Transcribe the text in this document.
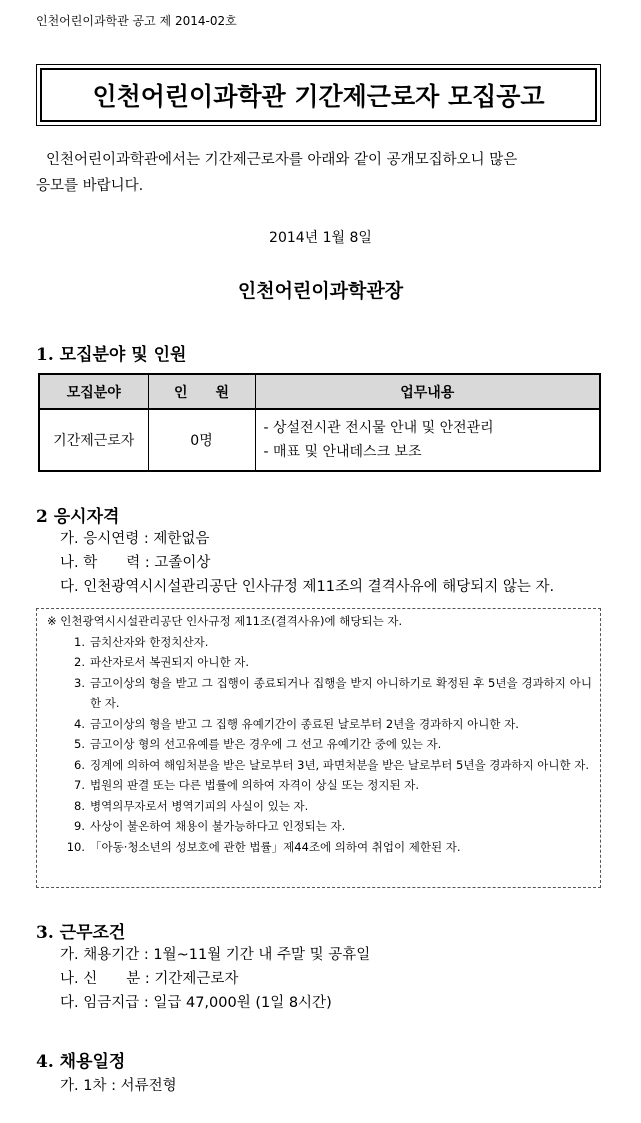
인천어린이과학관 공고 제 2014-02호
인천어린이과학관 기간제근로자 모집공고
인천어린이과학관에서는 기간제근로자를 아래와 같이 공개모집하오니 많은
응모를 바랍니다.
2014년 1월 8일
인천어린이과학관장
1. 모집분야 및 인원
모집분야	인　　원	업무내용
기간제근로자	0명	- 상설전시관 전시물 안내 및 안전관리
- 매표 및 안내데스크 보조
2 응시자격
가. 응시연령 : 제한없음
나. 학　　력 : 고졸이상
다. 인천광역시시설관리공단 인사규정 제11조의 결격사유에 해당되지 않는 자.
※ 인천광역시시설관리공단 인사규정 제11조(결격사유)에 해당되는 자.
1. 금치산자와 한정치산자.
2. 파산자로서 복권되지 아니한 자.
3. 금고이상의 형을 받고 그 집행이 종료되거나 집행을 받지 아니하기로 확정된 후 5년을 경과하지 아니한 자.
4. 금고이상의 형을 받고 그 집행 유예기간이 종료된 날로부터 2년을 경과하지 아니한 자.
5. 금고이상 형의 선고유예를 받은 경우에 그 선고 유예기간 중에 있는 자.
6. 징계에 의하여 해임처분을 받은 날로부터 3년, 파면처분을 받은 날로부터 5년을 경과하지 아니한 자.
7. 법원의 판결 또는 다른 법률에 의하여 자격이 상실 또는 정지된 자.
8. 병역의무자로서 병역기피의 사실이 있는 자.
9. 사상이 불온하여 채용이 불가능하다고 인정되는 자.
10. 「아동·청소년의 성보호에 관한 법률」제44조에 의하여 취업이 제한된 자.
3. 근무조건
가. 채용기간 : 1월~11월 기간 내 주말 및 공휴일
나. 신　　분 : 기간제근로자
다. 임금지급 : 일급 47,000원 (1일 8시간)
4. 채용일정
가. 1차 : 서류전형
